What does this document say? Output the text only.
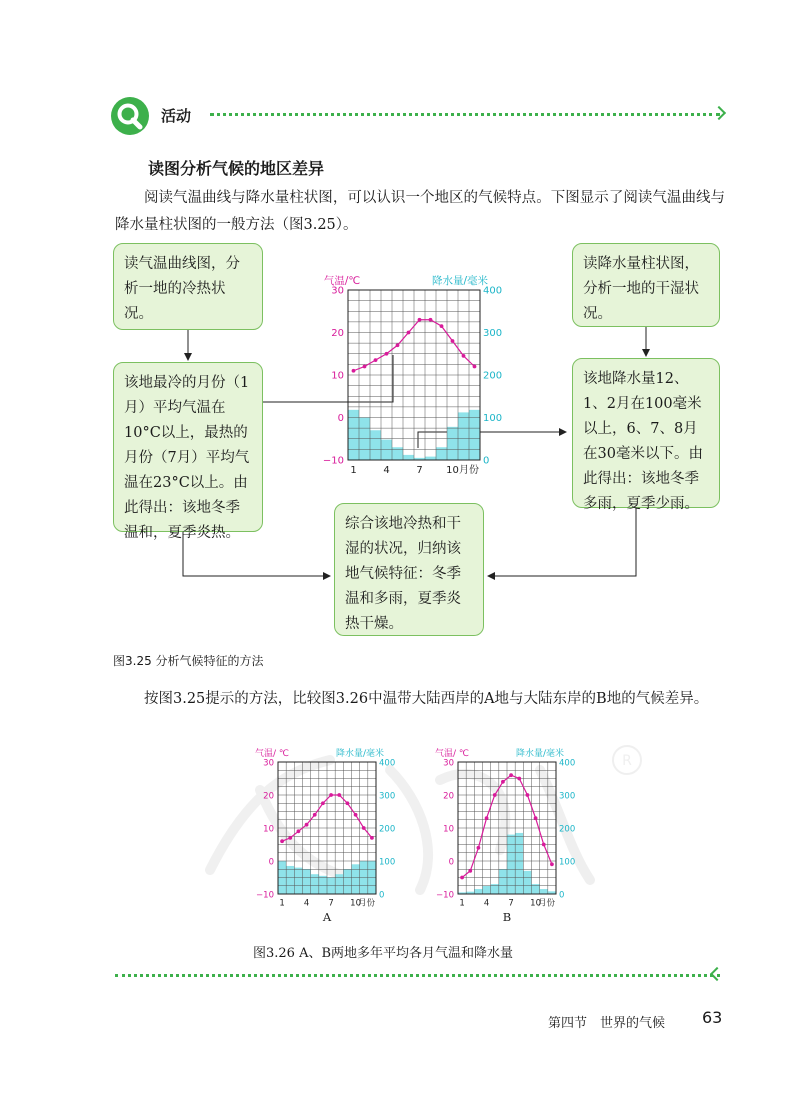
活动
读图分析气候的地区差异
阅读气温曲线与降水量柱状图，可以认识一个地区的气候特点。下图显示了阅读气温曲线与降水量柱状图的一般方法（图3.25）。
读气温曲线图，分析一地的冷热状况。
该地最冷的月份（1月）平均气温在10°C以上，最热的月份（7月）平均气温在23°C以上。由此得出：该地冬季温和，夏季炎热。
读降水量柱状图，分析一地的干湿状况。
该地降水量12、1、2月在100毫米以上，6、7、8月在30毫米以下。由此得出：该地冬季多雨，夏季少雨。
综合该地冷热和干湿的状况，归纳该地气候特征：冬季温和多雨，夏季炎热干燥。
30
20
10
0
−10
400
300
200
100
0
1	4	7 10 月份
气温/℃	降水量/毫米
图3.25 分析气候特征的方法
按图3.25提示的方法，比较图3.26中温带大陆西岸的A地与大陆东岸的B地的气候差异。
R
30
20
10
0
−10
400
300
200
100
0
1 4 7 10
月份
气温/ ℃	降水量/毫米
A
30
20
10
0
−10
400
300
200
100
0
1 4 7 10
月份
气温/ ℃	降水量/毫米
B
图3.26 A、B两地多年平均各月气温和降水量
第四节　世界的气候 63
